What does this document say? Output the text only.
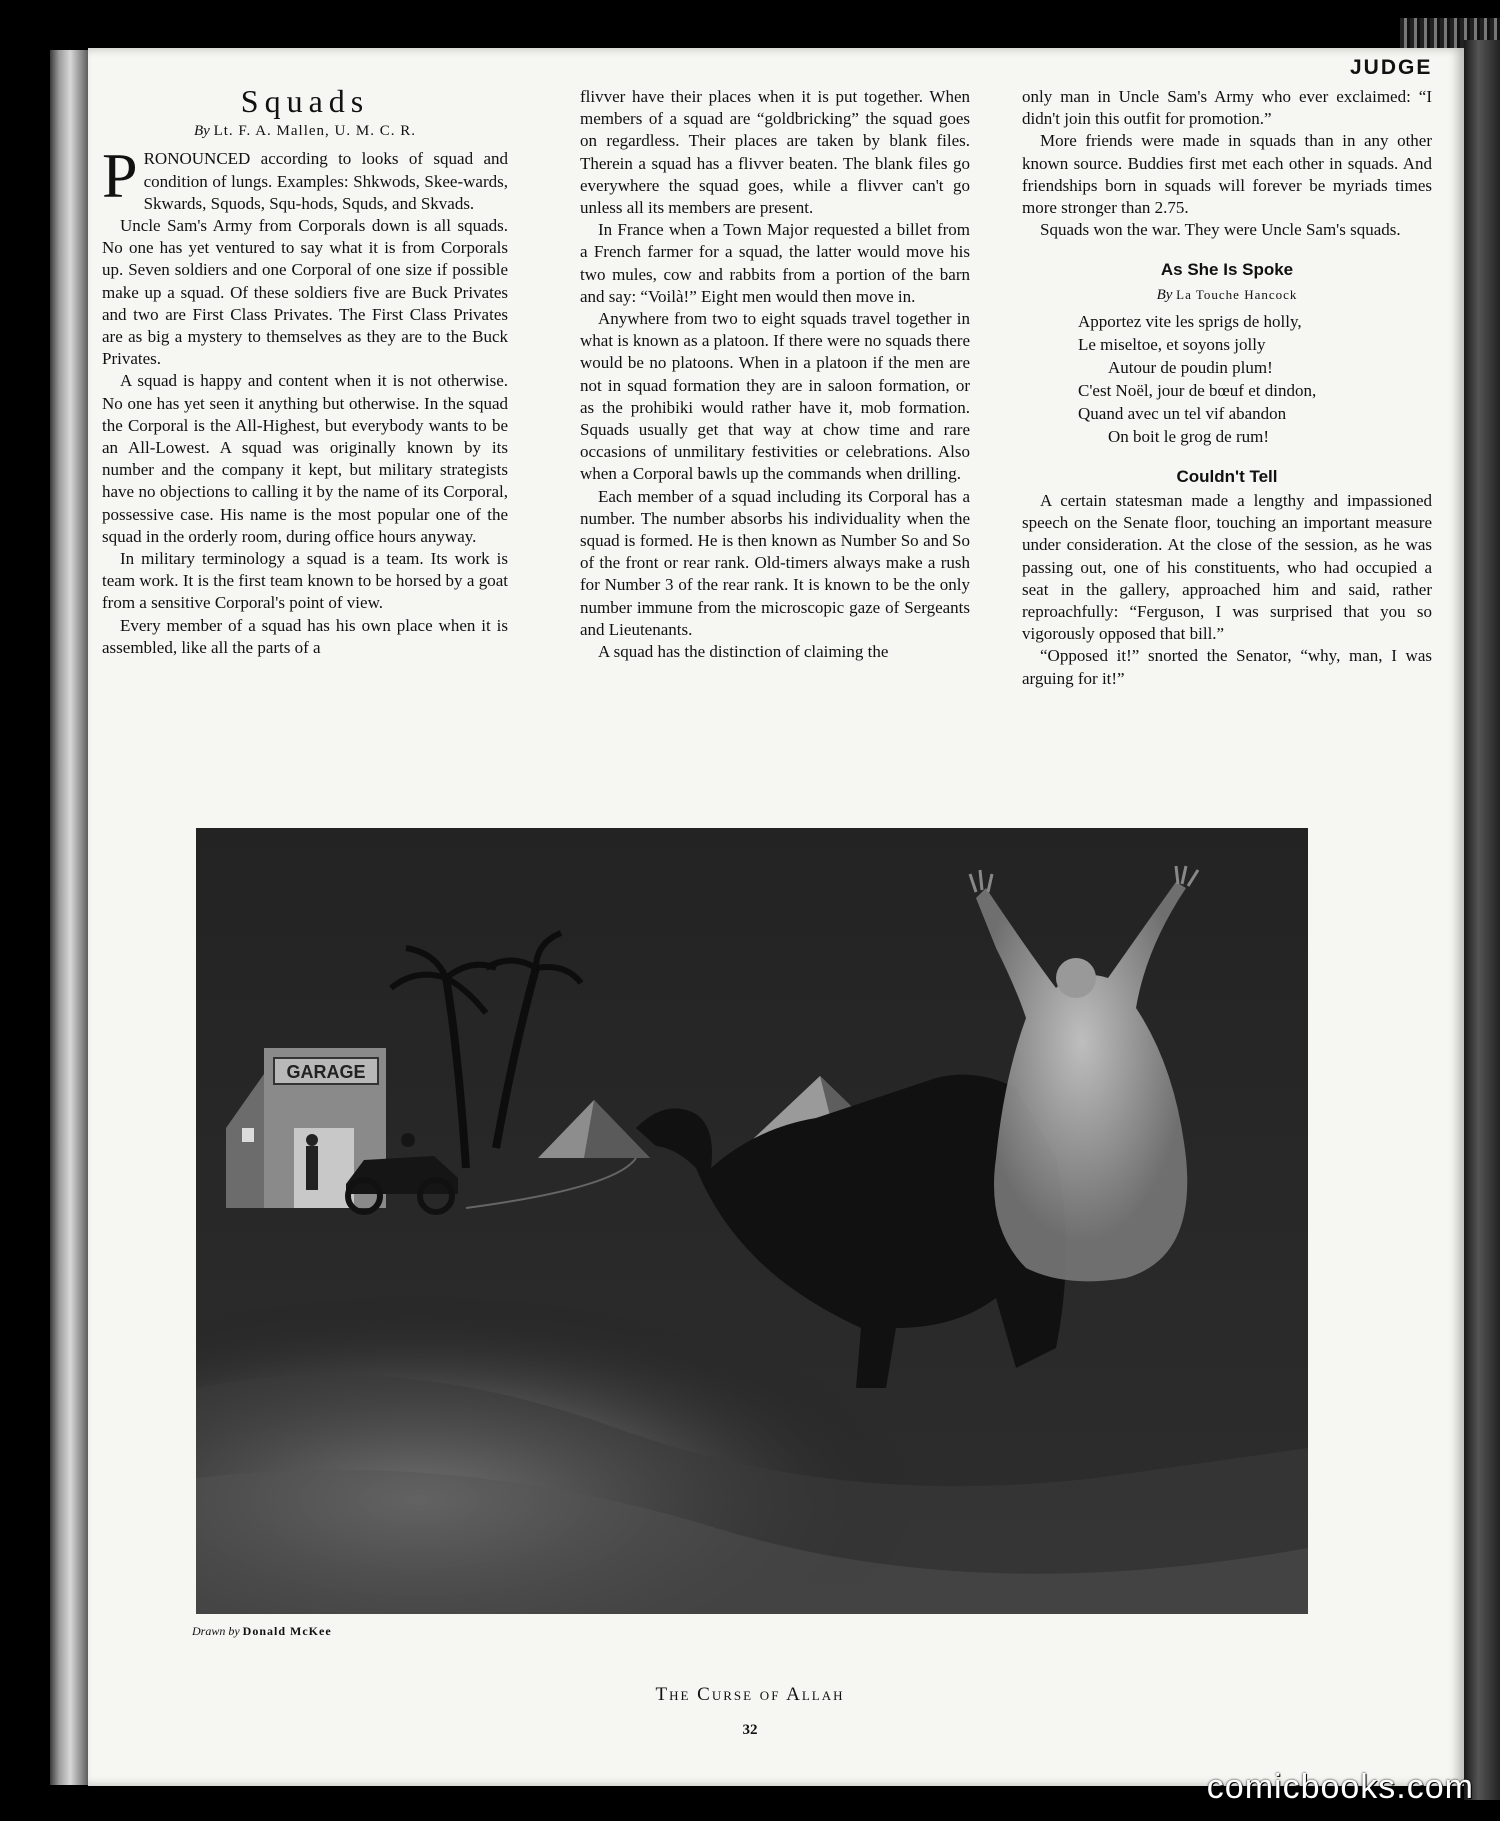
JUDGE
Squads
By Lt. F. A. Mallen, U. M. C. R.

PRONOUNCED according to looks of squad and condition of lungs. Examples: Shkwods, Skee-wards, Skwards, Squods, Squ-hods, Squds, and Skvads.

Uncle Sam's Army from Corporals down is all squads. No one has yet ventured to say what it is from Corporals up. Seven soldiers and one Corporal of one size if possible make up a squad. Of these soldiers five are Buck Privates and two are First Class Privates. The First Class Privates are as big a mystery to themselves as they are to the Buck Privates.

A squad is happy and content when it is not otherwise. No one has yet seen it anything but otherwise. In the squad the Corporal is the All-Highest, but everybody wants to be an All-Lowest. A squad was originally known by its number and the company it kept, but military strategists have no objections to calling it by the name of its Corporal, possessive case. His name is the most popular one of the squad in the orderly room, during office hours anyway.

In military terminology a squad is a team. Its work is team work. It is the first team known to be horsed by a goat from a sensitive Corporal's point of view.

Every member of a squad has his own place when it is assembled, like all the parts of a

flivver have their places when it is put together. When members of a squad are “goldbricking” the squad goes on regardless. Their places are taken by blank files. Therein a squad has a flivver beaten. The blank files go everywhere the squad goes, while a flivver can't go unless all its members are present.

In France when a Town Major requested a billet from a French farmer for a squad, the latter would move his two mules, cow and rabbits from a portion of the barn and say: “Voilà!” Eight men would then move in.

Anywhere from two to eight squads travel together in what is known as a platoon. If there were no squads there would be no platoons. When in a platoon if the men are not in squad formation they are in saloon formation, or as the prohibiki would rather have it, mob formation. Squads usually get that way at chow time and rare occasions of unmilitary festivities or celebrations. Also when a Corporal bawls up the commands when drilling.

Each member of a squad including its Corporal has a number. The number absorbs his individuality when the squad is formed. He is then known as Number So and So of the front or rear rank. Old-timers always make a rush for Number 3 of the rear rank. It is known to be the only number immune from the microscopic gaze of Sergeants and Lieutenants.

A squad has the distinction of claiming the

only man in Uncle Sam's Army who ever exclaimed: “I didn't join this outfit for promotion.”

More friends were made in squads than in any other known source. Buddies first met each other in squads. And friendships born in squads will forever be myriads times more stronger than 2.75.

Squads won the war. They were Uncle Sam's squads.

As She Is Spoke
By La Touche Hancock
Apportez vite les sprigs de holly,
Le miseltoe, et soyons jolly
Autour de poudin plum!
C'est Noël, jour de bœuf et dindon,
Quand avec un tel vif abandon
On boit le grog de rum!
Couldn't Tell

A certain statesman made a lengthy and impassioned speech on the Senate floor, touching an important measure under consideration. At the close of the session, as he was passing out, one of his constituents, who had occupied a seat in the gallery, approached him and said, rather reproachfully: “Ferguson, I was surprised that you so vigorously opposed that bill.”

“Opposed it!” snorted the Senator, “why, man, I was arguing for it!”

GARAGE
Drawn by Donald McKee
The Curse of Allah
32
comicbooks.com
